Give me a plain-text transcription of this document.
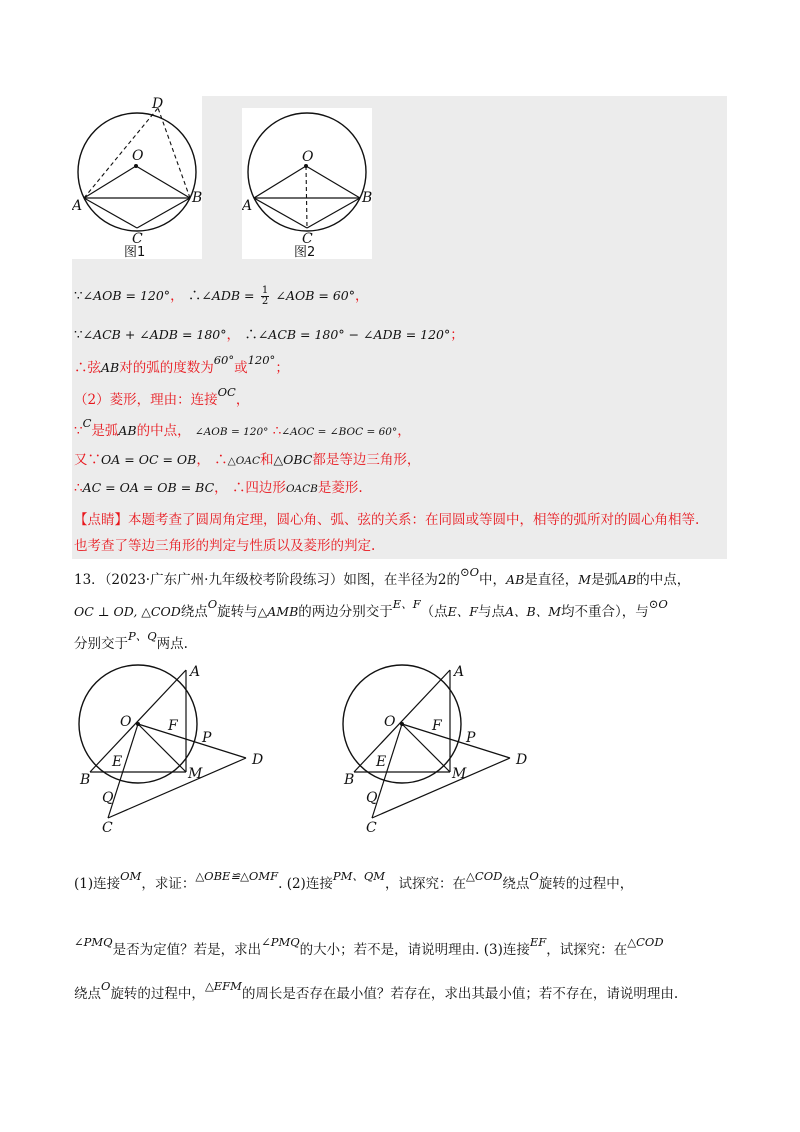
D
O
A	B
C
图1
O
A	B
C
图2
∵∠AOB = 120°， ∴∠ADB = $\frac{1}{2}$ ∠AOB = 60°，
∵∠ACB + ∠ADB = 180°， ∴∠ACB = 180° − ∠ADB = 120°；
∴弦AB对的弧的度数为60°或120°；
（2）菱形，理由：连接OC，
∵C是弧AB的中点， ∠AOB = 120° ∴∠AOC = ∠BOC = 60°，
又∵OA = OC = OB， ∴△OAC和△OBC都是等边三角形，
∴AC = OA = OB = BC， ∴四边形OACB是菱形.
【点睛】本题考查了圆周角定理，圆心角、弧、弦的关系：在同圆或等圆中，相等的弧所对的圆心角相等.
也考查了等边三角形的判定与性质以及菱形的判定.
13．（2023·广东广州·九年级校考阶段练习）如图，在半径为2的⊙O中，AB是直径，M是弧AB的中点，
OC ⊥ OD, △COD绕点O旋转与△AMB的两边分别交于E、F（点E、F与点A、B、M均不重合），与⊙O
分别交于P、Q两点.
A
O	F
P
D
B
E
M
Q
C
A
O	F
P
D
B
E
M
Q
C
(1)连接OM，求证：△OBE≌△OMF. (2)连接PM、QM，试探究：在△COD绕点O旋转的过程中，
∠PMQ是否为定值？若是，求出∠PMQ的大小；若不是，请说明理由. (3)连接EF，试探究：在△COD
绕点O旋转的过程中，△EFM的周长是否存在最小值？若存在，求出其最小值；若不存在，请说明理由.
